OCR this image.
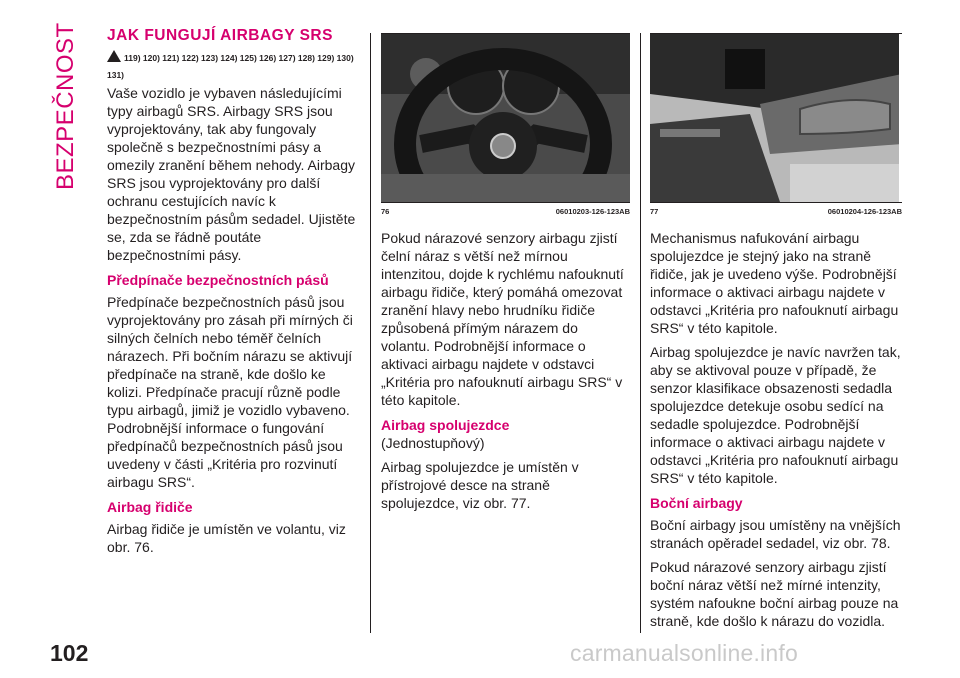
BEZPEČNOST JAK FUNGUJÍ AIRBAGY SRS
119) 120) 121) 122) 123) 124) 125) 126) 127) 128) 129) 130)
131)

Vaše vozidlo je vybaven následujícími typy airbagů SRS. Airbagy SRS jsou vyprojektovány, tak aby fungovaly společně s bezpečnostními pásy a omezily zranění během nehody. Airbagy SRS jsou vyprojektovány pro další ochranu cestujících navíc k bezpečnostním pásům sedadel. Ujistěte se, zda se řádně poutáte bezpečnostními pásy.

Předpínače bezpečnostních pásů

Předpínače bezpečnostních pásů jsou vyprojektovány pro zásah při mírných či silných čelních nebo téměř čelních nárazech. Při bočním nárazu se aktivují předpínače na straně, kde došlo ke kolizi. Předpínače pracují různě podle typu airbagů, jimiž je vozidlo vybaveno. Podrobnější informace o fungování předpínačů bezpečnostních pásů jsou uvedeny v části „Kritéria pro rozvinutí airbagu SRS“.

Airbag řidiče

Airbag řidiče je umístěn ve volantu, viz obr. 76.

76	06010203-126-123AB

Pokud nárazové senzory airbagu zjistí čelní náraz s větší než mírnou intenzitou, dojde k rychlému nafouknutí airbagu řidiče, který pomáhá omezovat zranění hlavy nebo hrudníku řidiče způsobená přímým nárazem do volantu. Podrobnější informace o aktivaci airbagu najdete v odstavci „Kritéria pro nafouknutí airbagu SRS“ v této kapitole.

Airbag spolujezdce

(Jednostupňový)

Airbag spolujezdce je umístěn v přístrojové desce na straně spolujezdce, viz obr. 77.

77	06010204-126-123AB

Mechanismus nafukování airbagu spolujezdce je stejný jako na straně řidiče, jak je uvedeno výše. Podrobnější informace o aktivaci airbagu najdete v odstavci „Kritéria pro nafouknutí airbagu SRS“ v této kapitole.

Airbag spolujezdce je navíc navržen tak, aby se aktivoval pouze v případě, že senzor klasifikace obsazenosti sedadla spolujezdce detekuje osobu sedící na sedadle spolujezdce. Podrobnější informace o aktivaci airbagu najdete v odstavci „Kritéria pro nafouknutí airbagu SRS“ v této kapitole.

Boční airbagy

Boční airbagy jsou umístěny na vnějších stranách opěradel sedadel, viz obr. 78.

Pokud nárazové senzory airbagu zjistí boční náraz větší než mírné intenzity, systém nafoukne boční airbag pouze na straně, kde došlo k nárazu do vozidla.

102	carmanualsonline.info
